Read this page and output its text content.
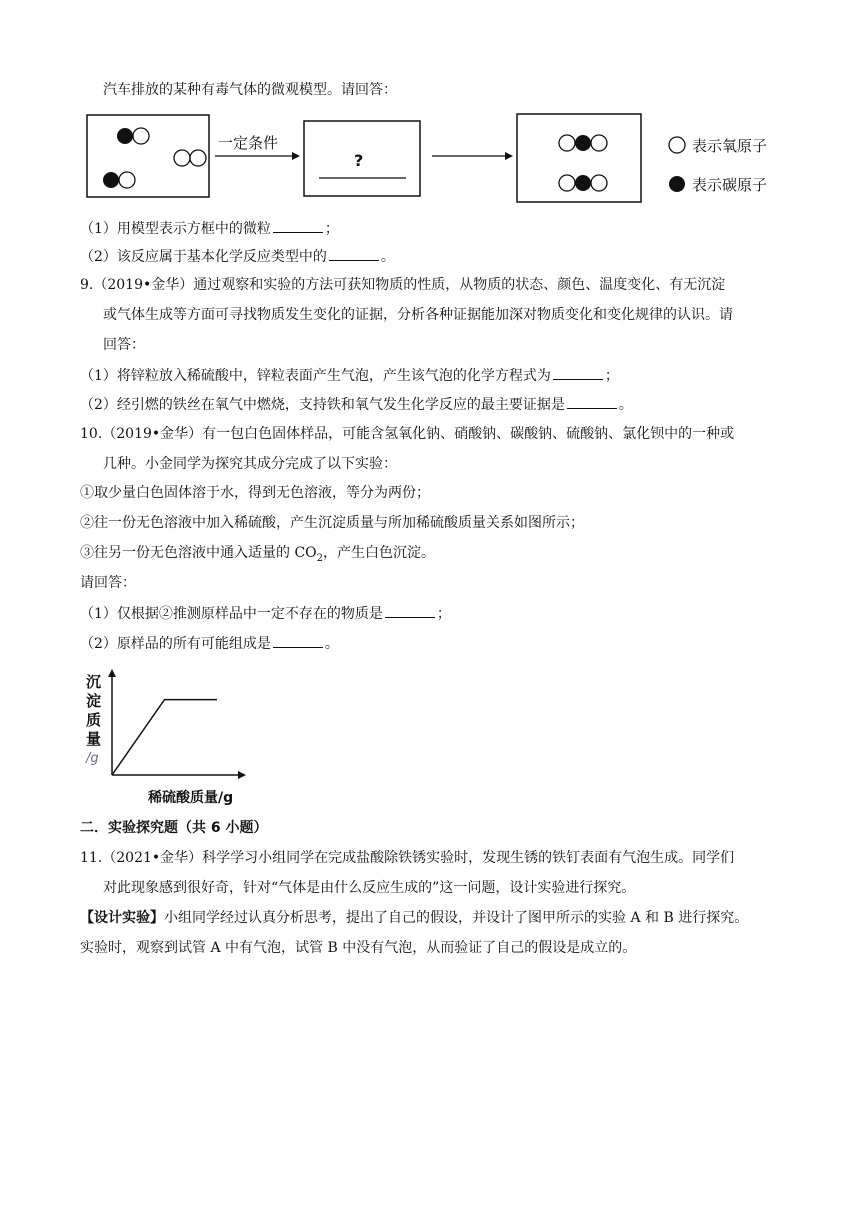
汽车排放的某种有毒气体的微观模型。请回答：
一定条件
?
表示氧原子
表示碳原子
（1）用模型表示方框中的微粒	；
（2）该反应属于基本化学反应类型中的	。
9.（2019•金华）通过观察和实验的方法可获知物质的性质，从物质的状态、颜色、温度变化、有无沉淀
或气体生成等方面可寻找物质发生变化的证据，分析各种证据能加深对物质变化和变化规律的认识。请
回答：
（1）将锌粒放入稀硫酸中，锌粒表面产生气泡，产生该气泡的化学方程式为	；
（2）经引燃的铁丝在氧气中燃烧，支持铁和氧气发生化学反应的最主要证据是	。
10.（2019•金华）有一包白色固体样品，可能含氢氧化钠、硝酸钠、碳酸钠、硫酸钠、氯化钡中的一种或
几种。小金同学为探究其成分完成了以下实验：
①取少量白色固体溶于水，得到无色溶液，等分为两份；
②往一份无色溶液中加入稀硫酸，产生沉淀质量与所加稀硫酸质量关系如图所示；
③往另一份无色溶液中通入适量的 $CO_2$，产生白色沉淀。
请回答：
（1）仅根据②推测原样品中一定不存在的物质是	；
（2）原样品的所有可能组成是	。
沉
淀
质
量
/g
稀硫酸质量/g
二．实验探究题（共 6 小题）
11.（2021•金华）科学学习小组同学在完成盐酸除铁锈实验时，发现生锈的铁钉表面有气泡生成。同学们
对此现象感到很好奇，针对“气体是由什么反应生成的”这一问题，设计实验进行探究。
【设计实验】小组同学经过认真分析思考，提出了自己的假设，并设计了图甲所示的实验 A 和 B 进行探究。
实验时，观察到试管 A 中有气泡，试管 B 中没有气泡，从而验证了自己的假设是成立的。
